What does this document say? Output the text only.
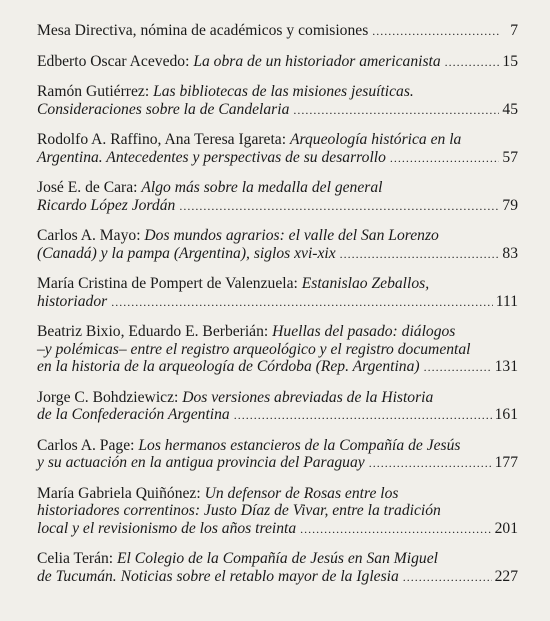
Mesa Directiva, nómina de académicos y comisiones .....	7
Edberto Oscar Acevedo: La obra de un historiador americanista .....	15
Ramón Gutiérrez: Las bibliotecas de las misiones jesuíticas.
Consideraciones sobre la de Candelaria .....	45
Rodolfo A. Raffino, Ana Teresa Igareta: Arqueología histórica en la
Argentina. Antecedentes y perspectivas de su desarrollo .....	57
José E. de Cara: Algo más sobre la medalla del general
Ricardo López Jordán .....	79
Carlos A. Mayo: Dos mundos agrarios: el valle del San Lorenzo
(Canadá) y la pampa (Argentina), siglos xvi-xix .....	83
María Cristina de Pompert de Valenzuela: Estanislao Zeballos,
historiador .....	111
Beatriz Bixio, Eduardo E. Berberián: Huellas del pasado: diálogos
–y polémicas– entre el registro arqueológico y el registro documental
en la historia de la arqueología de Córdoba (Rep. Argentina) .....	131
Jorge C. Bohdziewicz: Dos versiones abreviadas de la Historia
de la Confederación Argentina .....	161
Carlos A. Page: Los hermanos estancieros de la Compañía de Jesús
y su actuación en la antigua provincia del Paraguay .....	177
María Gabriela Quiñónez: Un defensor de Rosas entre los
historiadores correntinos: Justo Díaz de Vivar, entre la tradición
local y el revisionismo de los años treinta .....	201
Celia Terán: El Colegio de la Compañía de Jesús en San Miguel
de Tucumán. Noticias sobre el retablo mayor de la Iglesia .....	227
